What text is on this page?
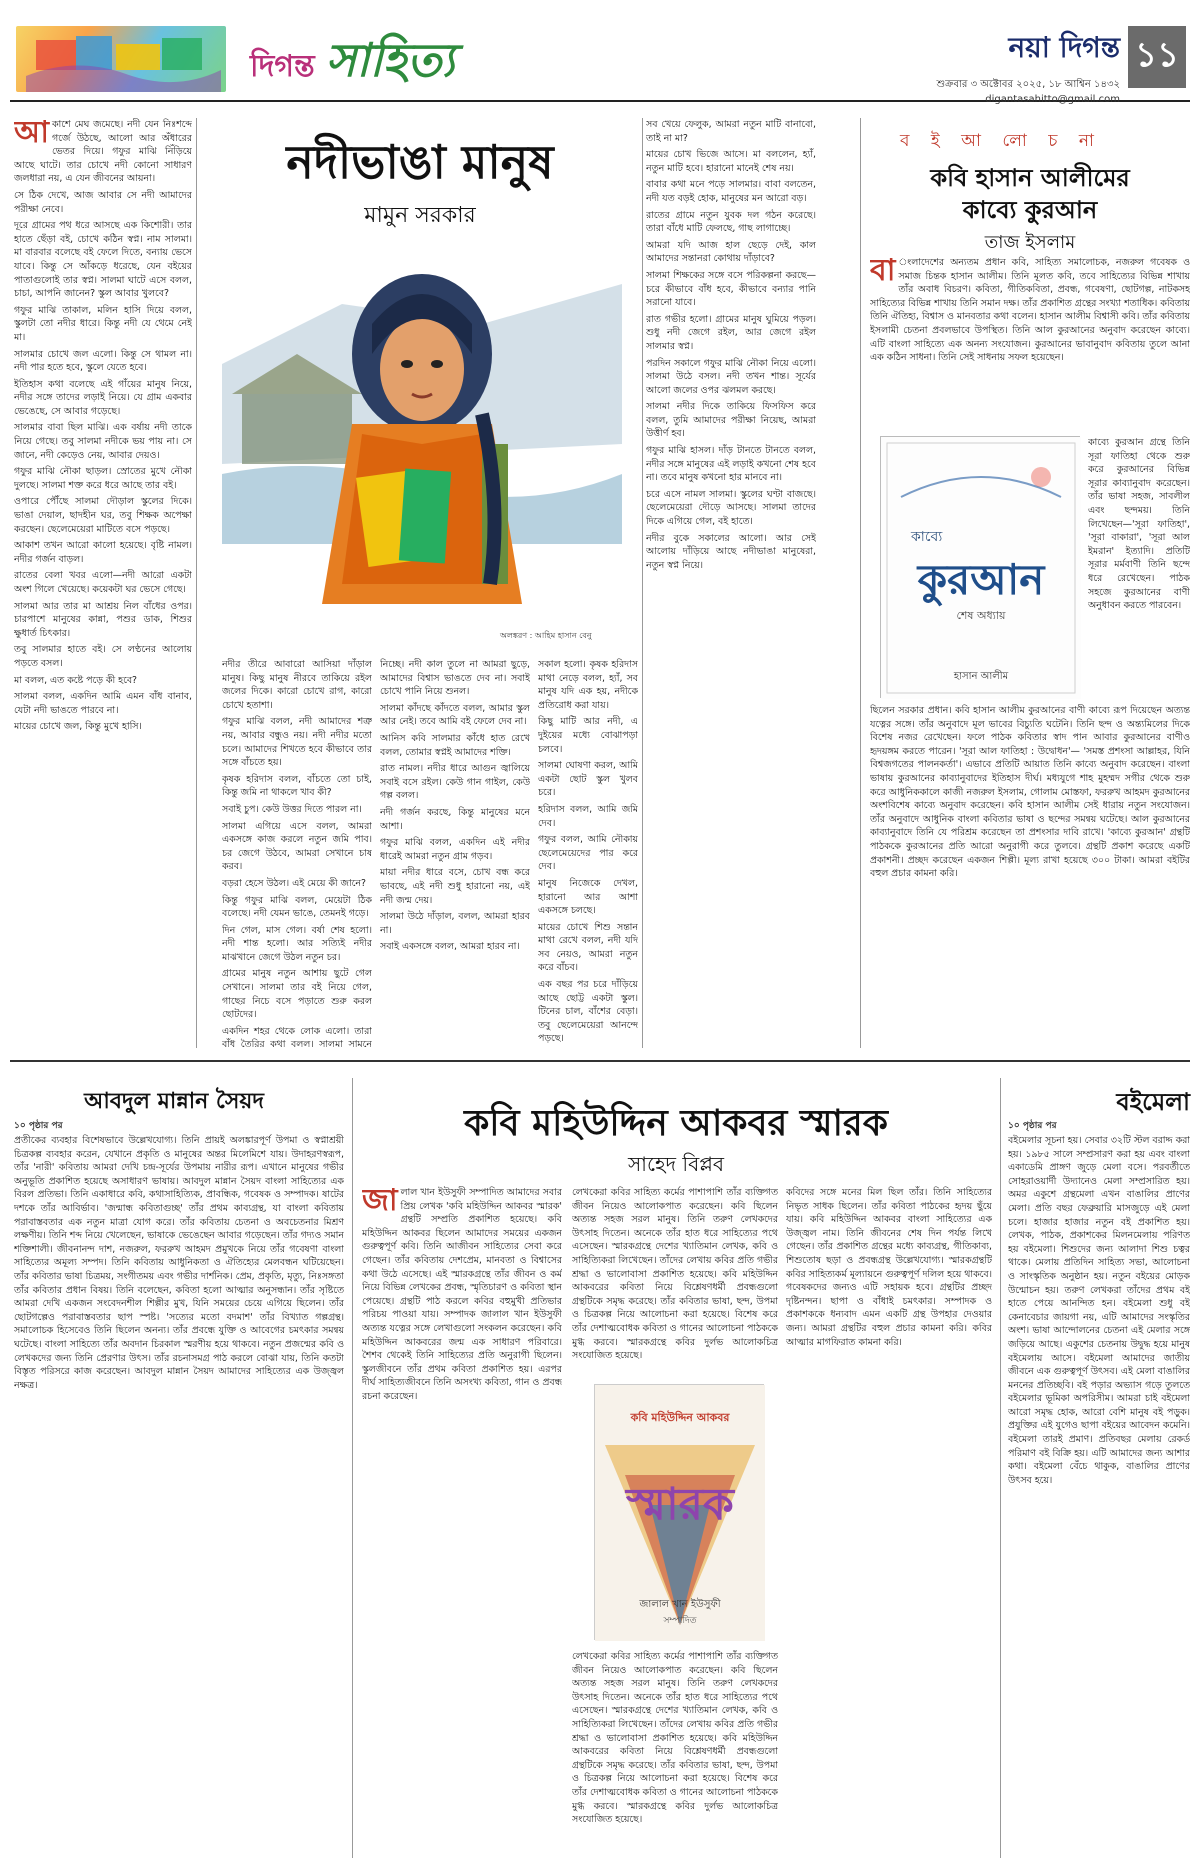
দিগন্ত সাহিত্য	নয়া দিগন্ত
শুক্রবার ৩ অক্টোবর ২০২৫, ১৮ আশ্বিন ১৪৩২
digantasahitto@gmail.com
১১
আ কাশে মেঘ জমেছে। নদী যেন নিঃশব্দে গর্জে উঠছে, আলো আর অঁধারের ভেতর দিয়ে। গফুর মাঝি নিঁড়িয়ে আছে ঘাটে। তার চোখে নদী কোনো সাধারণ জলধারা নয়, এ যেন জীবনের আয়না।

সে ঠিক দেখে, আজ আবার সে নদী আমাদের পরীক্ষা নেবে।

দূরে গ্রামের পথ ধরে আসছে এক কিশোরী। তার হাতে ছেঁড়া বই, চোখে কঠিন স্বপ্ন। নাম সালমা। মা বারবার বলেছে বই ফেলে দিতে, বন্যায় ভেসে যাবে। কিন্তু সে আঁকড়ে ধরেছে, যেন বইয়ের পাতাগুলোই তার স্বপ্ন। সালমা ঘাটে এসে বলল, চাচা, আপনি জানেন? স্কুল আবার খুলবে?

গফুর মাঝি তাকাল, মলিন হাসি দিয়ে বলল, স্কুলটা তো নদীর ধারে। কিন্তু নদী যে থেমে নেই মা।

সালমার চোখে জল এলো। কিন্তু সে থামল না। নদী পার হতে হবে, স্কুলে যেতে হবে।

ইতিহাস কথা বলেছে এই গাঁয়ের মানুষ নিয়ে, নদীর সঙ্গে তাদের লড়াই নিয়ে। যে গ্রাম একবার ভেঙেছে, সে আবার গড়েছে।

সালমার বাবা ছিল মাঝি। এক বর্ষায় নদী তাকে নিয়ে গেছে। তবু সালমা নদীকে ভয় পায় না। সে জানে, নদী কেড়েও নেয়, আবার দেয়ও।

গফুর মাঝি নৌকা ছাড়ল। স্রোতের মুখে নৌকা দুলছে। সালমা শক্ত করে ধরে আছে তার বই।

ওপারে পৌঁছে সালমা দৌড়াল স্কুলের দিকে। ভাঙা দেয়াল, ছাদহীন ঘর, তবু শিক্ষক অপেক্ষা করছেন। ছেলেমেয়েরা মাটিতে বসে পড়ছে।

আকাশ তখন আরো কালো হয়েছে। বৃষ্টি নামল। নদীর গর্জন বাড়ল।

রাতের বেলা খবর এলো—নদী আরো একটা অংশ গিলে খেয়েছে। কয়েকটা ঘর ভেসে গেছে।

সালমা আর তার মা আশ্রয় নিল বাঁধের ওপর। চারপাশে মানুষের কান্না, পশুর ডাক, শিশুর ক্ষুধার্ত চিৎকার।

তবু সালমার হাতে বই। সে লণ্ঠনের আলোয় পড়তে বসল।

মা বলল, এত কষ্টে পড়ে কী হবে?

সালমা বলল, একদিন আমি এমন বাঁধ বানাব, যেটা নদী ভাঙতে পারবে না।

মায়ের চোখে জল, কিন্তু মুখে হাসি।

নদীভাঙা মানুষ
মামুন সরকার
অলঙ্করণ : আহিম হাসান বেনু

নদীর তীরে আবারো আসিয়া দাঁড়াল মানুষ। কিছু মানুষ নীরবে তাকিয়ে রইল জলের দিকে। কারো চোখে রাগ, কারো চোখে হতাশা।

গফুর মাঝি বলল, নদী আমাদের শত্রু নয়, আবার বন্ধুও নয়। নদী নদীর মতো চলে। আমাদের শিখতে হবে কীভাবে তার সঙ্গে বাঁচতে হয়।

কৃষক হরিদাস বলল, বাঁচতে তো চাই, কিন্তু জমি না থাকলে খাব কী?

সবাই চুপ। কেউ উত্তর দিতে পারল না।

সালমা এগিয়ে এসে বলল, আমরা একসঙ্গে কাজ করলে নতুন জমি পাব। চর জেগে উঠবে, আমরা সেখানে চাষ করব।

বড়রা হেসে উঠল। এই মেয়ে কী জানে?

কিন্তু গফুর মাঝি বলল, মেয়েটা ঠিক বলেছে। নদী যেমন ভাঙে, তেমনই গড়ে।

দিন গেল, মাস গেল। বর্ষা শেষ হলো। নদী শান্ত হলো। আর সত্যিই নদীর মাঝখানে জেগে উঠল নতুন চর।

গ্রামের মানুষ নতুন আশায় ছুটে গেল সেখানে। সালমা তার বই নিয়ে গেল, গাছের নিচে বসে পড়াতে শুরু করল ছোটদের।

একদিন শহর থেকে লোক এলো। তারা বাঁধ তৈরির কথা বলল। সালমা সামনে

নিচ্ছে। নদী কাল তুলে না আমরা ছুড়ে, আমাদের বিশ্বাস ভাঙতে দেব না। সবাই চোখে পানি নিয়ে শুনল।

সালমা কাঁদছে কাঁদতে বলল, আমার স্কুল আর নেই। তবে আমি বই ফেলে দেব না।

আনিস কবি সালমার কাঁধে হাত রেখে বলল, তোমার স্বপ্নই আমাদের শক্তি।

রাত নামল। নদীর ধারে আগুন জ্বালিয়ে সবাই বসে রইল। কেউ গান গাইল, কেউ গল্প বলল।

নদী গর্জন করছে, কিন্তু মানুষের মনে আশা।

গফুর মাঝি বলল, একদিন এই নদীর ধারেই আমরা নতুন গ্রাম গড়ব।

মায়া নদীর ধারে বসে, চোখ বন্ধ করে ভাবছে, এই নদী শুধু হারানো নয়, এই নদী জন্ম দেয়।

সালমা উঠে দাঁড়াল, বলল, আমরা হারব না।

সবাই একসঙ্গে বলল, আমরা হারব না।

সকাল হলো। কৃষক হরিদাস মাথা নেড়ে বলল, হ্যাঁ, সব মানুষ যদি এক হয়, নদীকে প্রতিরোধ করা যায়।

কিছু মাটি আর নদী, এ দুইয়ের মধ্যে বোঝাপড়া চলবে।

সালমা ঘোষণা করল, আমি একটা ছোট স্কুল খুলব চরে।

হরিদাস বলল, আমি জমি দেব।

গফুর বলল, আমি নৌকায় ছেলেমেয়েদের পার করে দেব।

মানুষ নিজেকে দেখল, হারানো আর আশা একসঙ্গে চলছে।

মায়ের চোখে শিশু সন্তান মাথা রেখে বলল, নদী যদি সব নেয়ও, আমরা নতুন করে বাঁচব।

এক বছর পর চরে দাঁড়িয়ে আছে ছোট্ট একটা স্কুল। টিনের চাল, বাঁশের বেড়া। তবু ছেলেমেয়েরা আনন্দে পড়ছে।

সব খেয়ে ফেলুক, আমরা নতুন মাটি বানাবো, তাই না মা?

মায়ের চোখ ভিজে আসে। মা বললেন, হ্যাঁ, নতুন মাটি হবে। হারানো মানেই শেষ নয়।

বাবার কথা মনে পড়ে সালমার। বাবা বলতেন, নদী যত বড়ই হোক, মানুষের মন আরো বড়।

রাতের গ্রামে নতুন যুবক দল গঠন করেছে। তারা বাঁধে মাটি ফেলছে, গাছ লাগাচ্ছে।

আমরা যদি আজ হাল ছেড়ে দেই, কাল আমাদের সন্তানরা কোথায় দাঁড়াবে?

সালমা শিক্ষকের সঙ্গে বসে পরিকল্পনা করছে—চরে কীভাবে বাঁধ হবে, কীভাবে বন্যার পানি সরানো যাবে।

রাত গভীর হলো। গ্রামের মানুষ ঘুমিয়ে পড়ল। শুধু নদী জেগে রইল, আর জেগে রইল সালমার স্বপ্ন।

পরদিন সকালে গফুর মাঝি নৌকা নিয়ে এলো। সালমা উঠে বসল। নদী তখন শান্ত। সূর্যের আলো জলের ওপর ঝলমল করছে।

সালমা নদীর দিকে তাকিয়ে ফিসফিস করে বলল, তুমি আমাদের পরীক্ষা নিয়েছ, আমরা উত্তীর্ণ হব।

গফুর মাঝি হাসল। দাঁড় টানতে টানতে বলল, নদীর সঙ্গে মানুষের এই লড়াই কখনো শেষ হবে না। তবে মানুষ কখনো হার মানবে না।

চরে এসে নামল সালমা। স্কুলের ঘণ্টা বাজছে। ছেলেমেয়েরা দৌড়ে আসছে। সালমা তাদের দিকে এগিয়ে গেল, বই হাতে।

নদীর বুকে সকালের আলো। আর সেই আলোয় দাঁড়িয়ে আছে নদীভাঙা মানুষেরা, নতুন স্বপ্ন নিয়ে।

ব ই আ লো চ না
কবি হাসান আলীমের
কাব্যে কুরআন
তাজ ইসলাম
বা ংলাদেশের অন্যতম প্রধান কবি, সাহিত্য সমালোচক, নজরুল গবেষক ও সমাজ চিন্তক হাসান আলীম। তিনি মূলত কবি, তবে সাহিত্যের বিভিন্ন শাখায় তাঁর অবাধ বিচরণ। কবিতা, গীতিকবিতা, প্রবন্ধ, গবেষণা, ছোটগল্প, নাটকসহ সাহিত্যের বিভিন্ন শাখায় তিনি সমান দক্ষ। তাঁর প্রকাশিত গ্রন্থের সংখ্যা শতাধিক। কবিতায় তিনি ঐতিহ্য, বিশ্বাস ও মানবতার কথা বলেন। হাসান আলীম বিশ্বাসী কবি। তাঁর কবিতায় ইসলামী চেতনা প্রবলভাবে উপস্থিত। তিনি আল কুরআনের অনুবাদ করেছেন কাব্যে। এটি বাংলা সাহিত্যে এক অনন্য সংযোজন। কুরআনের ভাবানুবাদ কবিতায় তুলে আনা এক কঠিন সাধনা। তিনি সেই সাধনায় সফল হয়েছেন।

কাব্যে
কুরআন
শেষ অধ্যায়
হাসান আলীম

কাব্যে কুরআন গ্রন্থে তিনি সূরা ফাতিহা থেকে শুরু করে কুরআনের বিভিন্ন সূরার কাব্যানুবাদ করেছেন। তাঁর ভাষা সহজ, সাবলীল এবং ছন্দময়। তিনি লিখেছেন—'সূরা ফাতিহা', 'সূরা বাকারা', 'সূরা আল ইমরান' ইত্যাদি। প্রতিটি সূরার মর্মবাণী তিনি ছন্দে ধরে রেখেছেন। পাঠক সহজে কুরআনের বাণী অনুধাবন করতে পারবেন।

ছিলেন সরকার প্রধান। কবি হাসান আলীম কুরআনের বাণী কাব্যে রূপ দিয়েছেন অত্যন্ত যত্নের সঙ্গে। তাঁর অনুবাদে মূল ভাবের বিচ্যুতি ঘটেনি। তিনি ছন্দ ও অন্ত্যমিলের দিকে বিশেষ নজর রেখেছেন। ফলে পাঠক কবিতার স্বাদ পান আবার কুরআনের বাণীও হৃদয়ঙ্গম করতে পারেন। 'সূরা আল ফাতিহা : উদ্বোধন'— 'সমস্ত প্রশংসা আল্লাহর, যিনি বিশ্বজগতের পালনকর্তা'। এভাবে প্রতিটি আয়াত তিনি কাব্যে অনুবাদ করেছেন। বাংলা ভাষায় কুরআনের কাব্যানুবাদের ইতিহাস দীর্ঘ। মধ্যযুগে শাহ মুহম্মদ সগীর থেকে শুরু করে আধুনিককালে কাজী নজরুল ইসলাম, গোলাম মোস্তফা, ফররুখ আহমদ কুরআনের অংশবিশেষ কাব্যে অনুবাদ করেছেন। কবি হাসান আলীম সেই ধারায় নতুন সংযোজন। তাঁর অনুবাদে আধুনিক বাংলা কবিতার ভাষা ও ছন্দের সমন্বয় ঘটেছে। আল কুরআনের কাব্যানুবাদে তিনি যে পরিশ্রম করেছেন তা প্রশংসার দাবি রাখে। 'কাব্যে কুরআন' গ্রন্থটি পাঠককে কুরআনের প্রতি আরো অনুরাগী করে তুলবে। গ্রন্থটি প্রকাশ করেছে একটি প্রকাশনী। প্রচ্ছদ করেছেন একজন শিল্পী। মূল্য রাখা হয়েছে ৩০০ টাকা। আমরা বইটির বহুল প্রচার কামনা করি।

আবদুল মান্নান সৈয়দ
১০ পৃষ্ঠার পর

প্রতীকের ব্যবহার বিশেষভাবে উল্লেখযোগ্য। তিনি প্রায়ই অলঙ্কারপূর্ণ উপমা ও স্বপ্নাশ্রয়ী চিত্রকল্প ব্যবহার করেন, যেখানে প্রকৃতি ও মানুষের অন্তর মিলেমিশে যায়। উদাহরণস্বরূপ, তাঁর 'নারী' কবিতায় আমরা দেখি চন্দ্র-সূর্যের উপমায় নারীর রূপ। এখানে মানুষের গভীর অনুভূতি প্রকাশিত হয়েছে অসাধারণ ভাষায়। আবদুল মান্নান সৈয়দ বাংলা সাহিত্যের এক বিরল প্রতিভা। তিনি একাধারে কবি, কথাসাহিত্যিক, প্রাবন্ধিক, গবেষক ও সম্পাদক। ষাটের দশকে তাঁর আবির্ভাব। 'জন্মান্ধ কবিতাগুচ্ছ' তাঁর প্রথম কাব্যগ্রন্থ, যা বাংলা কবিতায় পরাবাস্তবতার এক নতুন মাত্রা যোগ করে। তাঁর কবিতায় চেতনা ও অবচেতনার মিশ্রণ লক্ষণীয়। তিনি শব্দ নিয়ে খেলেছেন, ভাষাকে ভেঙেছেন আবার গড়েছেন। তাঁর গদ্যও সমান শক্তিশালী। জীবনানন্দ দাশ, নজরুল, ফররুখ আহমদ প্রমুখকে নিয়ে তাঁর গবেষণা বাংলা সাহিত্যের অমূল্য সম্পদ। তিনি কবিতায় আধুনিকতা ও ঐতিহ্যের মেলবন্ধন ঘটিয়েছেন। তাঁর কবিতার ভাষা চিত্রময়, সংগীতময় এবং গভীর দার্শনিক। প্রেম, প্রকৃতি, মৃত্যু, নিঃসঙ্গতা তাঁর কবিতার প্রধান বিষয়। তিনি বলেছেন, কবিতা হলো আত্মার অনুসন্ধান। তাঁর সৃষ্টিতে আমরা দেখি একজন সংবেদনশীল শিল্পীর মুখ, যিনি সময়ের চেয়ে এগিয়ে ছিলেন। তাঁর ছোটগল্পেও পরাবাস্তবতার ছাপ স্পষ্ট। 'সত্যের মতো বদমাশ' তাঁর বিখ্যাত গল্পগ্রন্থ। সমালোচক হিসেবেও তিনি ছিলেন অনন্য। তাঁর প্রবন্ধে যুক্তি ও আবেগের চমৎকার সমন্বয় ঘটেছে। বাংলা সাহিত্যে তাঁর অবদান চিরকাল স্মরণীয় হয়ে থাকবে। নতুন প্রজন্মের কবি ও লেখকদের জন্য তিনি প্রেরণার উৎস। তাঁর রচনাসমগ্র পাঠ করলে বোঝা যায়, তিনি কতটা বিস্তৃত পরিসরে কাজ করেছেন। আবদুল মান্নান সৈয়দ আমাদের সাহিত্যের এক উজ্জ্বল নক্ষত্র।

কবি মহিউদ্দিন আকবর স্মারক
সাহেদ বিপ্লব
জা লাল খান ইউসুফী সম্পাদিত আমাদের সবার প্রিয় লেখক 'কবি মহিউদ্দিন আকবর স্মারক' গ্রন্থটি সম্প্রতি প্রকাশিত হয়েছে। কবি মহিউদ্দিন আকবর ছিলেন আমাদের সময়ের একজন গুরুত্বপূর্ণ কবি। তিনি আজীবন সাহিত্যের সেবা করে গেছেন। তাঁর কবিতায় দেশপ্রেম, মানবতা ও বিশ্বাসের কথা উঠে এসেছে। এই স্মারকগ্রন্থে তাঁর জীবন ও কর্ম নিয়ে বিভিন্ন লেখকের প্রবন্ধ, স্মৃতিচারণ ও কবিতা স্থান পেয়েছে। গ্রন্থটি পাঠ করলে কবির বহুমুখী প্রতিভার পরিচয় পাওয়া যায়। সম্পাদক জালাল খান ইউসুফী অত্যন্ত যত্নের সঙ্গে লেখাগুলো সংকলন করেছেন। কবি মহিউদ্দিন আকবরের জন্ম এক সাধারণ পরিবারে। শৈশব থেকেই তিনি সাহিত্যের প্রতি অনুরাগী ছিলেন। স্কুলজীবনে তাঁর প্রথম কবিতা প্রকাশিত হয়। এরপর দীর্ঘ সাহিত্যজীবনে তিনি অসংখ্য কবিতা, গান ও প্রবন্ধ রচনা করেছেন।

লেখকেরা কবির সাহিত্য কর্মের পাশাপাশি তাঁর ব্যক্তিগত জীবন নিয়েও আলোকপাত করেছেন। কবি ছিলেন অত্যন্ত সহজ সরল মানুষ। তিনি তরুণ লেখকদের উৎসাহ দিতেন। অনেকে তাঁর হাত ধরে সাহিত্যের পথে এসেছেন। স্মারকগ্রন্থে দেশের খ্যাতিমান লেখক, কবি ও সাহিত্যিকরা লিখেছেন। তাঁদের লেখায় কবির প্রতি গভীর শ্রদ্ধা ও ভালোবাসা প্রকাশিত হয়েছে। কবি মহিউদ্দিন আকবরের কবিতা নিয়ে বিশ্লেষণধর্মী প্রবন্ধগুলো গ্রন্থটিকে সমৃদ্ধ করেছে। তাঁর কবিতার ভাষা, ছন্দ, উপমা ও চিত্রকল্প নিয়ে আলোচনা করা হয়েছে। বিশেষ করে তাঁর দেশাত্মবোধক কবিতা ও গানের আলোচনা পাঠককে মুগ্ধ করবে। স্মারকগ্রন্থে কবির দুর্লভ আলোকচিত্র সংযোজিত হয়েছে।

কবি মহিউদ্দিন আকবর
স্মারক
জালাল খান ইউসুফী
সম্পাদিত

লেখকেরা কবির সাহিত্য কর্মের পাশাপাশি তাঁর ব্যক্তিগত জীবন নিয়েও আলোকপাত করেছেন। কবি ছিলেন অত্যন্ত সহজ সরল মানুষ। তিনি তরুণ লেখকদের উৎসাহ দিতেন। অনেকে তাঁর হাত ধরে সাহিত্যের পথে এসেছেন। স্মারকগ্রন্থে দেশের খ্যাতিমান লেখক, কবি ও সাহিত্যিকরা লিখেছেন। তাঁদের লেখায় কবির প্রতি গভীর শ্রদ্ধা ও ভালোবাসা প্রকাশিত হয়েছে। কবি মহিউদ্দিন আকবরের কবিতা নিয়ে বিশ্লেষণধর্মী প্রবন্ধগুলো গ্রন্থটিকে সমৃদ্ধ করেছে। তাঁর কবিতার ভাষা, ছন্দ, উপমা ও চিত্রকল্প নিয়ে আলোচনা করা হয়েছে। বিশেষ করে তাঁর দেশাত্মবোধক কবিতা ও গানের আলোচনা পাঠককে মুগ্ধ করবে। স্মারকগ্রন্থে কবির দুর্লভ আলোকচিত্র সংযোজিত হয়েছে।

কবিদের সঙ্গে মনের মিল ছিল তাঁর। তিনি সাহিত্যের নিভৃত সাধক ছিলেন। তাঁর কবিতা পাঠকের হৃদয় ছুঁয়ে যায়। কবি মহিউদ্দিন আকবর বাংলা সাহিত্যের এক উজ্জ্বল নাম। তিনি জীবনের শেষ দিন পর্যন্ত লিখে গেছেন। তাঁর প্রকাশিত গ্রন্থের মধ্যে কাব্যগ্রন্থ, গীতিকাব্য, শিশুতোষ ছড়া ও প্রবন্ধগ্রন্থ উল্লেখযোগ্য। স্মারকগ্রন্থটি কবির সাহিত্যকর্ম মূল্যায়নে গুরুত্বপূর্ণ দলিল হয়ে থাকবে। গবেষকদের জন্যও এটি সহায়ক হবে। গ্রন্থটির প্রচ্ছদ দৃষ্টিনন্দন। ছাপা ও বাঁধাই চমৎকার। সম্পাদক ও প্রকাশককে ধন্যবাদ এমন একটি গ্রন্থ উপহার দেওয়ার জন্য। আমরা গ্রন্থটির বহুল প্রচার কামনা করি। কবির আত্মার মাগফিরাত কামনা করি।

বইমেলা
১০ পৃষ্ঠার পর

বইমেলার সূচনা হয়। সেবার ৩২টি স্টল বরাদ্দ করা হয়। ১৯৮৫ সালে সম্প্রসারণ করা হয় এবং বাংলা একাডেমি প্রাঙ্গণ জুড়ে মেলা বসে। পরবর্তীতে সোহরাওয়ার্দী উদ্যানেও মেলা সম্প্রসারিত হয়। অমর একুশে গ্রন্থমেলা এখন বাঙালির প্রাণের মেলা। প্রতি বছর ফেব্রুয়ারি মাসজুড়ে এই মেলা চলে। হাজার হাজার নতুন বই প্রকাশিত হয়। লেখক, পাঠক, প্রকাশকের মিলনমেলায় পরিণত হয় বইমেলা। শিশুদের জন্য আলাদা শিশু চত্বর থাকে। মেলায় প্রতিদিন সাহিত্য সভা, আলোচনা ও সাংস্কৃতিক অনুষ্ঠান হয়। নতুন বইয়ের মোড়ক উন্মোচন হয়। তরুণ লেখকরা তাঁদের প্রথম বই হাতে পেয়ে আনন্দিত হন। বইমেলা শুধু বই কেনাবেচার জায়গা নয়, এটি আমাদের সংস্কৃতির অংশ। ভাষা আন্দোলনের চেতনা এই মেলার সঙ্গে জড়িয়ে আছে। একুশের চেতনায় উদ্বুদ্ধ হয়ে মানুষ বইমেলায় আসে। বইমেলা আমাদের জাতীয় জীবনে এক গুরুত্বপূর্ণ উৎসব। এই মেলা বাঙালির মননের প্রতিচ্ছবি। বই পড়ার অভ্যাস গড়ে তুলতে বইমেলার ভূমিকা অপরিসীম। আমরা চাই বইমেলা আরো সমৃদ্ধ হোক, আরো বেশি মানুষ বই পড়ুক। প্রযুক্তির এই যুগেও ছাপা বইয়ের আবেদন কমেনি। বইমেলা তারই প্রমাণ। প্রতিবছর মেলায় রেকর্ড পরিমাণ বই বিক্রি হয়। এটি আমাদের জন্য আশার কথা। বইমেলা বেঁচে থাকুক, বাঙালির প্রাণের উৎসব হয়ে।
